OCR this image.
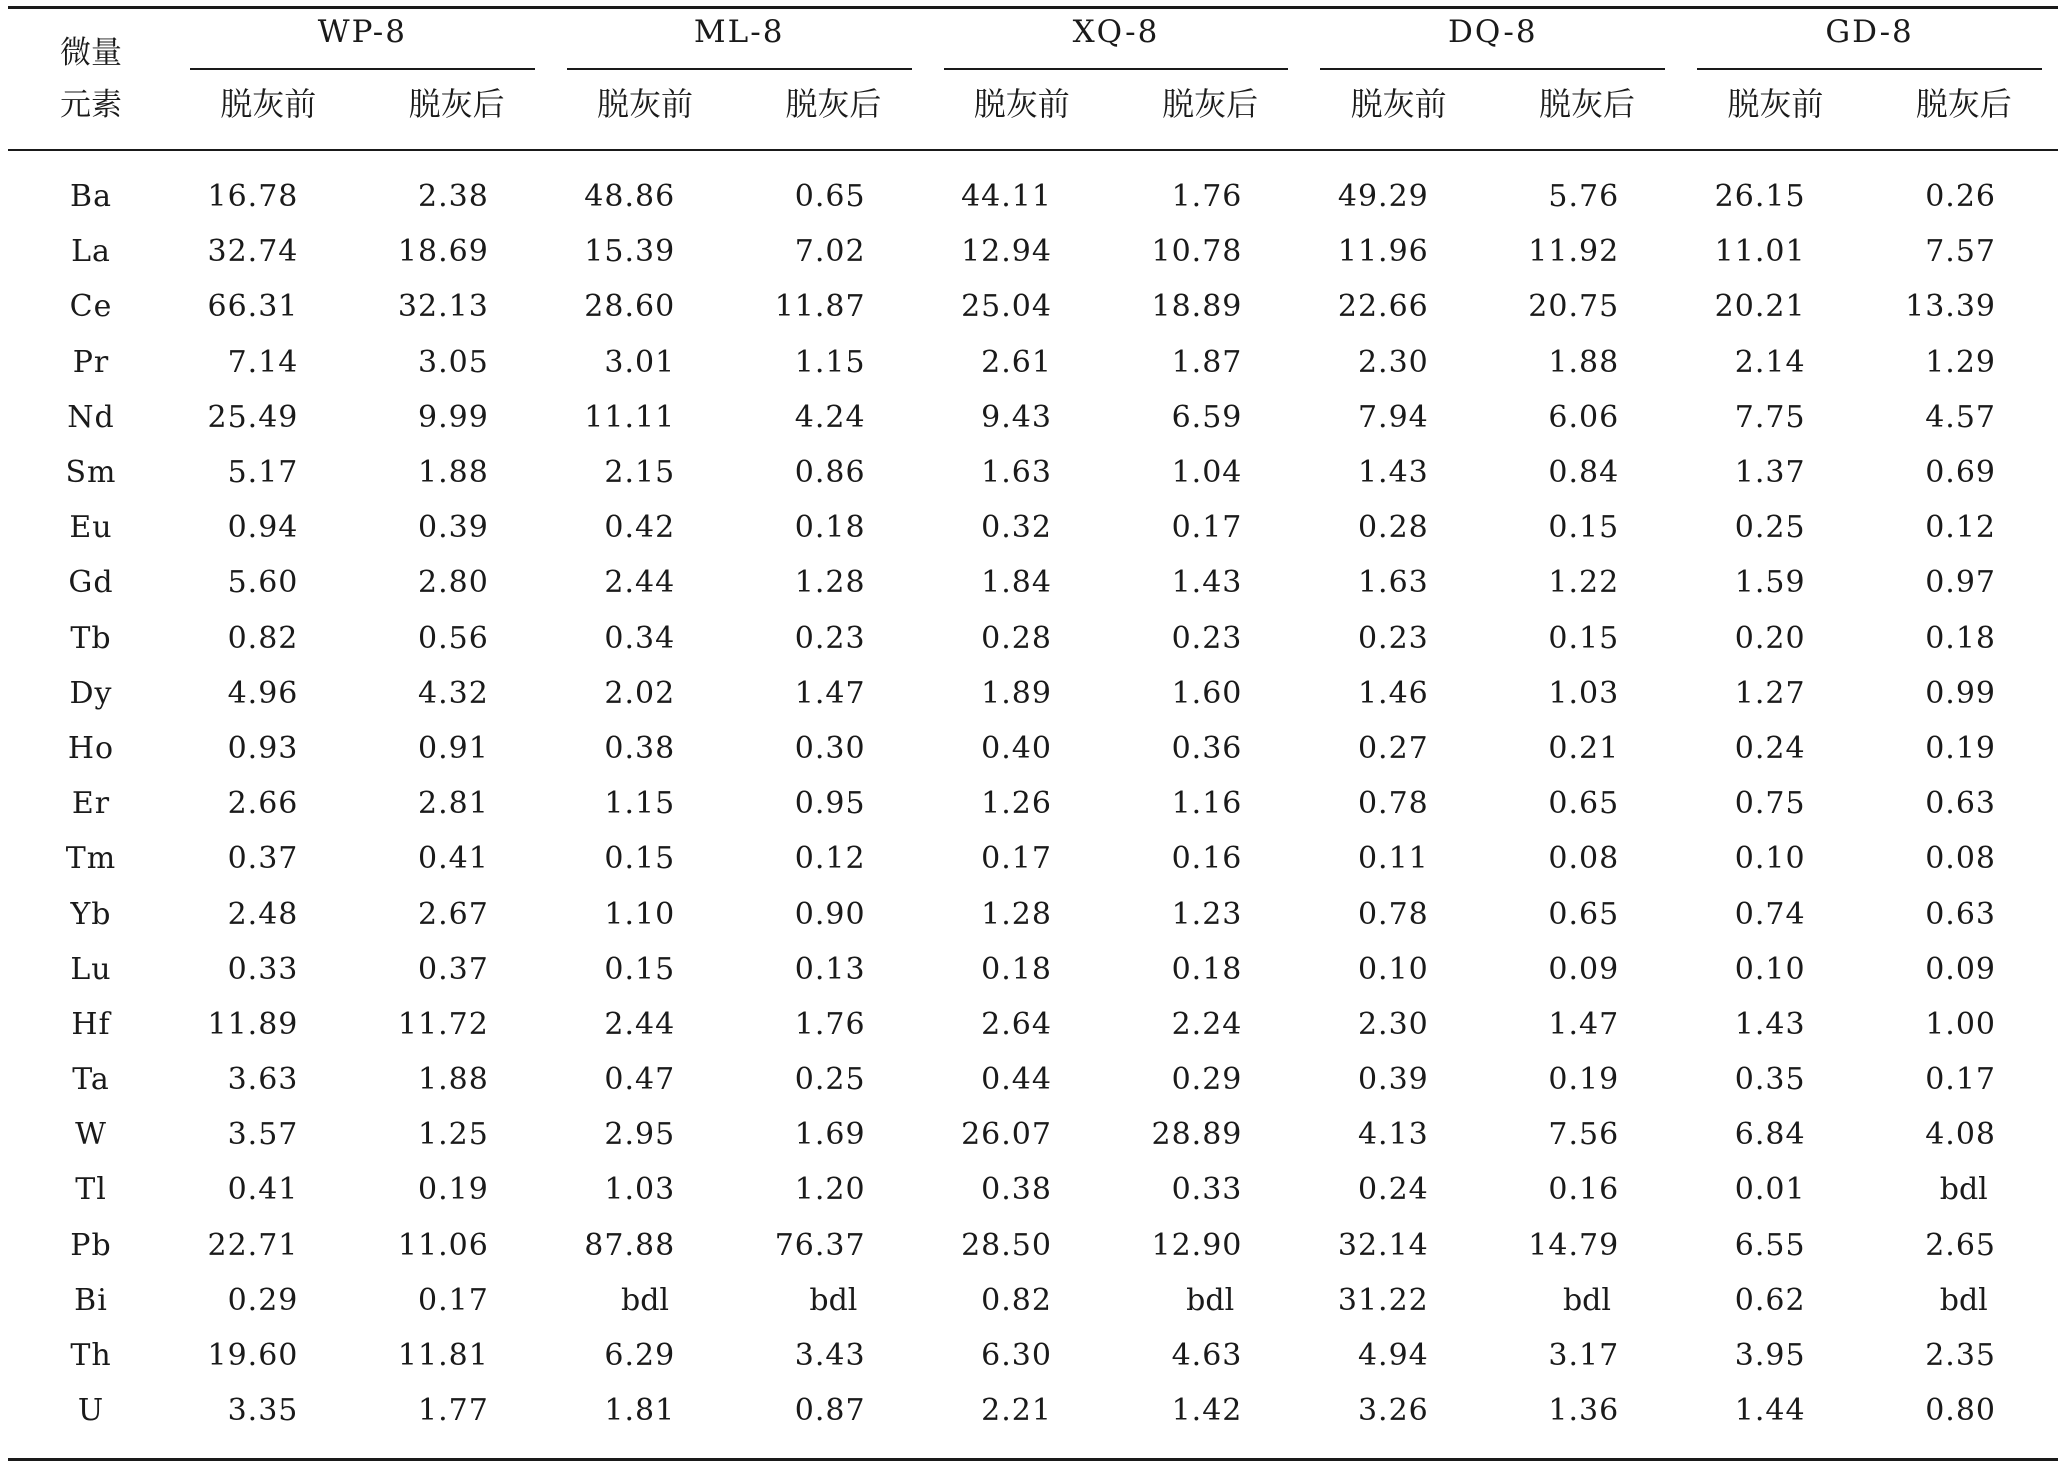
微量
元素	WP-8		ML-8		XQ-8		DQ-8		GD-8	

	脱灰前	脱灰后	脱灰前	脱灰后	脱灰前	脱灰后	脱灰前	脱灰后	脱灰前	脱灰后

Ba	16.78	2.38	48.86	0.65	44.11	1.76	49.29	5.76	26.15	0.26
La	32.74	18.69	15.39	7.02	12.94	10.78	11.96	11.92	11.01	7.57
Ce	66.31	32.13	28.60	11.87	25.04	18.89	22.66	20.75	20.21	13.39
Pr	7.14	3.05	3.01	1.15	2.61	1.87	2.30	1.88	2.14	1.29
Nd	25.49	9.99	11.11	4.24	9.43	6.59	7.94	6.06	7.75	4.57
Sm	5.17	1.88	2.15	0.86	1.63	1.04	1.43	0.84	1.37	0.69
Eu	0.94	0.39	0.42	0.18	0.32	0.17	0.28	0.15	0.25	0.12
Gd	5.60	2.80	2.44	1.28	1.84	1.43	1.63	1.22	1.59	0.97
Tb	0.82	0.56	0.34	0.23	0.28	0.23	0.23	0.15	0.20	0.18
Dy	4.96	4.32	2.02	1.47	1.89	1.60	1.46	1.03	1.27	0.99
Ho	0.93	0.91	0.38	0.30	0.40	0.36	0.27	0.21	0.24	0.19
Er	2.66	2.81	1.15	0.95	1.26	1.16	0.78	0.65	0.75	0.63
Tm	0.37	0.41	0.15	0.12	0.17	0.16	0.11	0.08	0.10	0.08
Yb	2.48	2.67	1.10	0.90	1.28	1.23	0.78	0.65	0.74	0.63
Lu	0.33	0.37	0.15	0.13	0.18	0.18	0.10	0.09	0.10	0.09
Hf	11.89	11.72	2.44	1.76	2.64	2.24	2.30	1.47	1.43	1.00
Ta	3.63	1.88	0.47	0.25	0.44	0.29	0.39	0.19	0.35	0.17
W	3.57	1.25	2.95	1.69	26.07	28.89	4.13	7.56	6.84	4.08
Tl	0.41	0.19	1.03	1.20	0.38	0.33	0.24	0.16	0.01	bdl
Pb	22.71	11.06	87.88	76.37	28.50	12.90	32.14	14.79	6.55	2.65
Bi	0.29	0.17	bdl	bdl	0.82	bdl	31.22	bdl	0.62	bdl
Th	19.60	11.81	6.29	3.43	6.30	4.63	4.94	3.17	3.95	2.35
U	3.35	1.77	1.81	0.87	2.21	1.42	3.26	1.36	1.44	0.80
